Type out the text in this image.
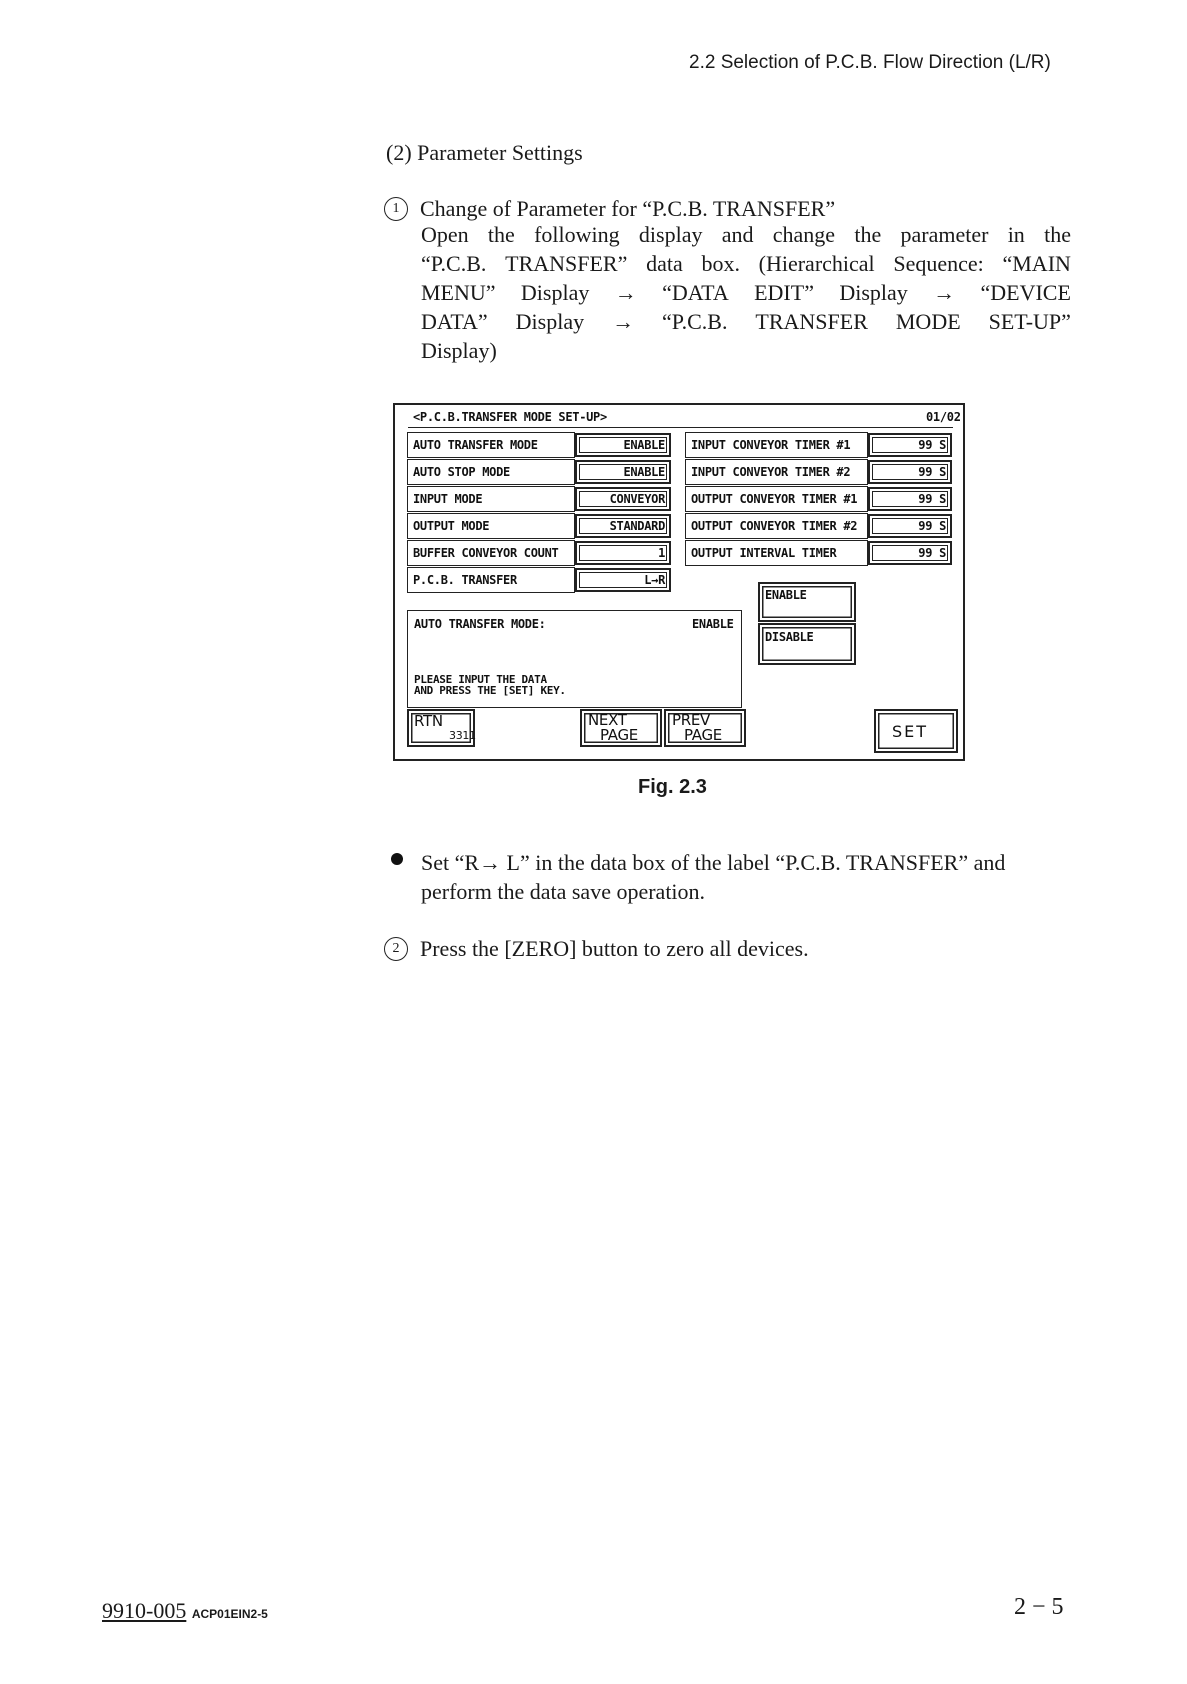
2.2 Selection of P.C.B. Flow Direction (L/R)
(2) Parameter Settings
1 Change of Parameter for “P.C.B. TRANSFER”
Open the following display and change the parameter in the
“P.C.B. TRANSFER” data box. (Hierarchical Sequence: “MAIN
MENU” Display → “DATA EDIT” Display → “DEVICE
DATA” Display → “P.C.B. TRANSFER MODE SET-UP”
Display)
<P.C.B.TRANSFER MODE SET-UP>	01/02
AUTO TRANSFER MODE:	ENABLE
PLEASE INPUT THE DATA
AND PRESS THE [SET] KEY.
ENABLE
DISABLE
RTN
3311
NEXT
PAGE
PREV
PAGE	SET
AUTO TRANSFER MODE	ENABLE
AUTO STOP MODE	ENABLE
INPUT MODE	CONVEYOR
OUTPUT MODE	STANDARD
BUFFER CONVEYOR COUNT	1
P.C.B. TRANSFER	L→R
INPUT CONVEYOR TIMER #1	99 S
INPUT CONVEYOR TIMER #2	99 S
OUTPUT CONVEYOR TIMER #1	99 S
OUTPUT CONVEYOR TIMER #2	99 S
OUTPUT INTERVAL TIMER	99 S
Fig. 2.3
Set “R→ L” in the data box of the label “P.C.B. TRANSFER” and
perform the data save operation.
2 Press the [ZERO] button to zero all devices.
9910-005 ACP01EIN2-5	2 − 5
